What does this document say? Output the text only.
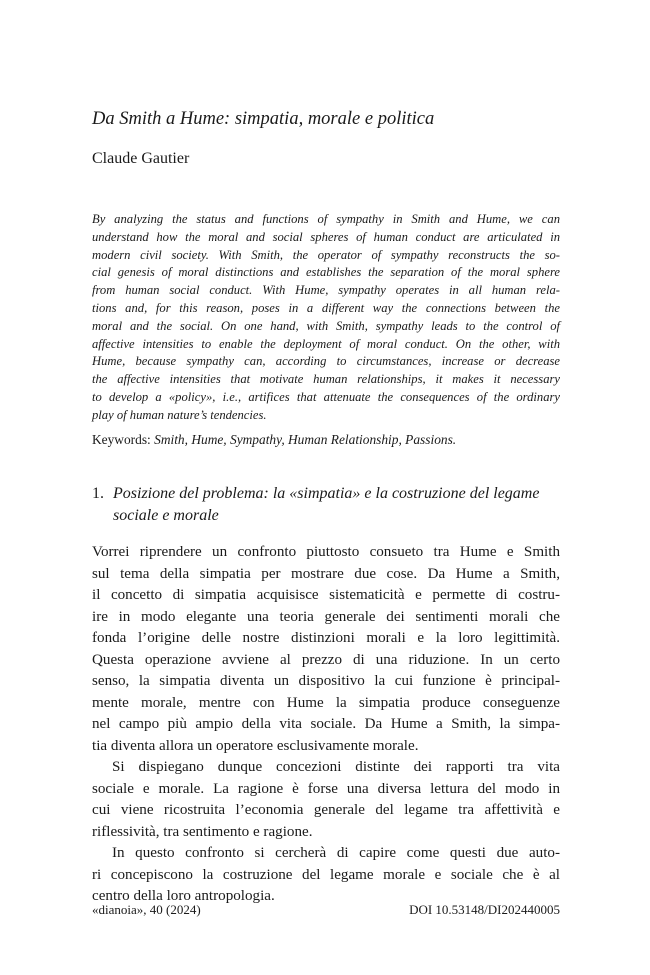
Da Smith a Hume: simpatia, morale e politica
Claude Gautier
By analyzing the status and functions of sympathy in Smith and Hume, we can
understand how the moral and social spheres of human conduct are articulated in
modern civil society. With Smith, the operator of sympathy reconstructs the so-
cial genesis of moral distinctions and establishes the separation of the moral sphere
from human social conduct. With Hume, sympathy operates in all human rela-
tions and, for this reason, poses in a different way the connections between the
moral and the social. On one hand, with Smith, sympathy leads to the control of
affective intensities to enable the deployment of moral conduct. On the other, with
Hume, because sympathy can, according to circumstances, increase or decrease
the affective intensities that motivate human relationships, it makes it necessary
to develop a «policy», i.e., artifices that attenuate the consequences of the ordinary
play of human nature’s tendencies.
Keywords: Smith, Hume, Sympathy, Human Relationship, Passions.
1. Posizione del problema: la «simpatia» e la costruzione del legame
sociale e morale

Vorrei riprendere un confronto piuttosto consueto tra Hume e Smith
sul tema della simpatia per mostrare due cose. Da Hume a Smith,
il concetto di simpatia acquisisce sistematicità e permette di costru-
ire in modo elegante una teoria generale dei sentimenti morali che
fonda l’origine delle nostre distinzioni morali e la loro legittimità.
Questa operazione avviene al prezzo di una riduzione. In un certo
senso, la simpatia diventa un dispositivo la cui funzione è principal-
mente morale, mentre con Hume la simpatia produce conseguenze
nel campo più ampio della vita sociale. Da Hume a Smith, la simpa-
tia diventa allora un operatore esclusivamente morale.

Si dispiegano dunque concezioni distinte dei rapporti tra vita
sociale e morale. La ragione è forse una diversa lettura del modo in
cui viene ricostruita l’economia generale del legame tra affettività e
riflessività, tra sentimento e ragione.

In questo confronto si cercherà di capire come questi due auto-
ri concepiscono la costruzione del legame morale e sociale che è al
centro della loro antropologia.

«dianoia», 40 (2024)	DOI 10.53148/DI202440005
